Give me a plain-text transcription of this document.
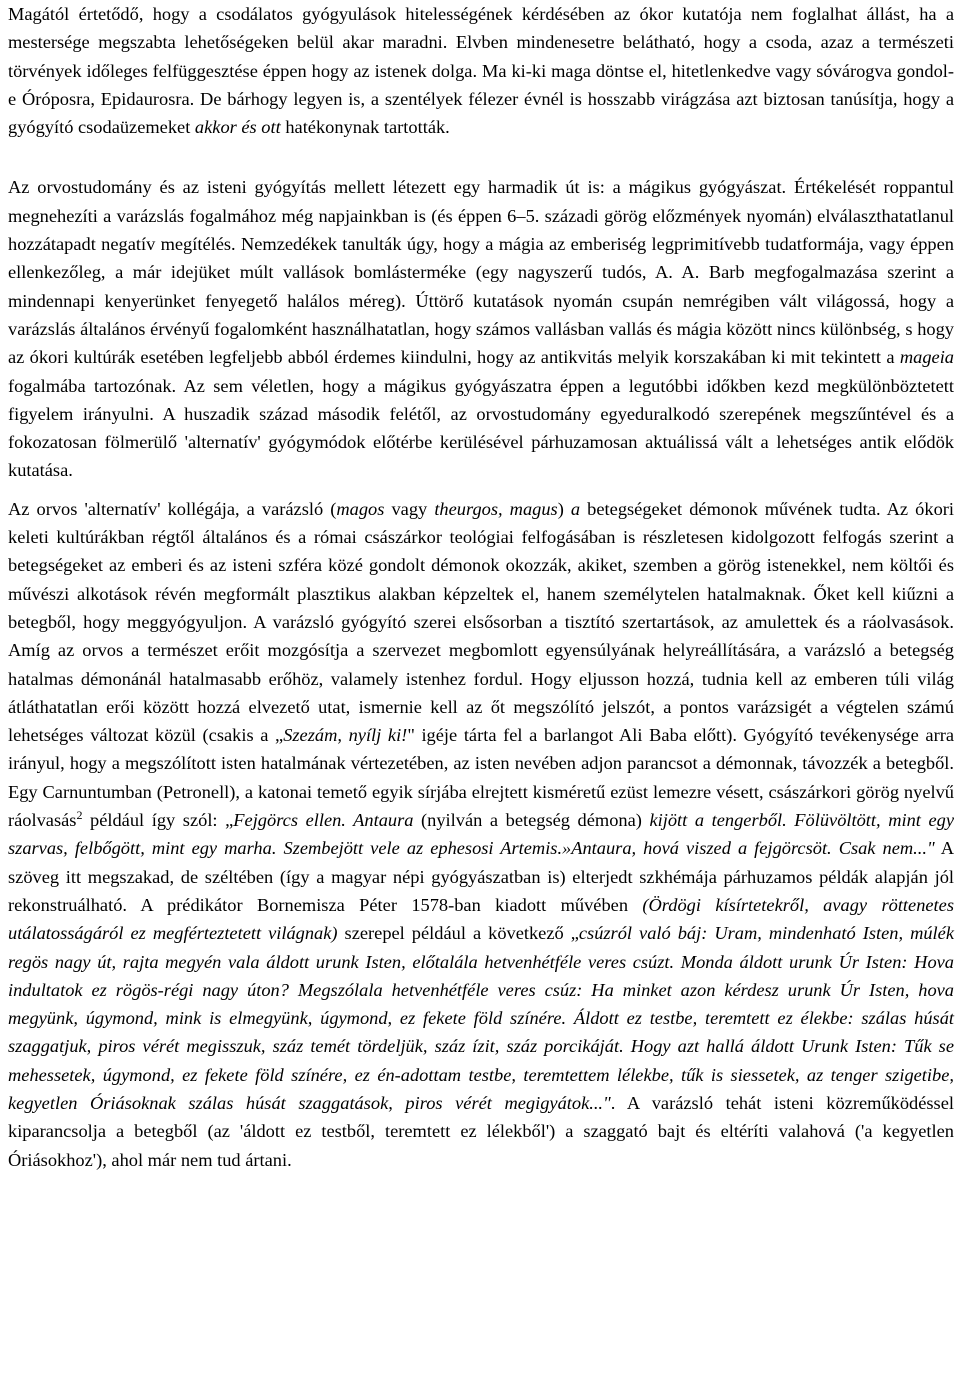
Magától értetődő, hogy a csodálatos gyógyulások hitelességének kérdésében az ókor kutatója nem foglalhat állást, ha a mestersége megszabta lehetőségeken belül akar maradni. Elvben mindenesetre belátható, hogy a csoda, azaz a természeti törvények időleges felfüggesztése éppen hogy az istenek dolga. Ma ki-ki maga döntse el, hitetlenkedve vagy sóvárogva gondol-e Óróposra, Epidaurosra. De bárhogy legyen is, a szentélyek félezer évnél is hosszabb virágzása azt biztosan tanúsítja, hogy a gyógyító csodaüzemeket akkor és ott hatékonynak tartották.

Az orvostudomány és az isteni gyógyítás mellett létezett egy harmadik út is: a mágikus gyógyászat. Értékelését roppantul megnehezíti a varázslás fogalmához még napjainkban is (és éppen 6–5. századi görög előzmények nyomán) elválaszthatatlanul hozzátapadt negatív megítélés. Nemzedékek tanulták úgy, hogy a mágia az emberiség legprimitívebb tudatformája, vagy éppen ellenkezőleg, a már idejüket múlt vallások bomlásterméke (egy nagyszerű tudós, A. A. Barb megfogalmazása szerint a mindennapi kenyerünket fenyegető halálos méreg). Úttörő kutatások nyomán csupán nemrégiben vált világossá, hogy a varázslás általános érvényű fogalomként használhatatlan, hogy számos vallásban vallás és mágia között nincs különbség, s hogy az ókori kultúrák esetében legfeljebb abból érdemes kiindulni, hogy az antikvitás melyik korszakában ki mit tekintett a mageia fogalmába tartozónak. Az sem véletlen, hogy a mágikus gyógyászatra éppen a legutóbbi időkben kezd megkülönböztetett figyelem irányulni. A huszadik század második felétől, az orvostudomány egyeduralkodó szerepének megszűntével és a fokozatosan fölmerülő 'alternatív' gyógymódok előtérbe kerülésével párhuzamosan aktuálissá vált a lehetséges antik elődök kutatása.

Az orvos 'alternatív' kollégája, a varázsló (magos vagy theurgos, magus) a betegségeket démonok művének tudta. Az ókori keleti kultúrákban régtől általános és a római császárkor teológiai felfogásában is részletesen kidolgozott felfogás szerint a betegségeket az emberi és az isteni szféra közé gondolt démonok okozzák, akiket, szemben a görög istenekkel, nem költői és művészi alkotások révén megformált plasztikus alakban képzeltek el, hanem személytelen hatalmaknak. Őket kell kiűzni a betegből, hogy meggyógyuljon. A varázsló gyógyító szerei elsősorban a tisztító szertartások, az amulettek és a ráolvasások. Amíg az orvos a természet erőit mozgósítja a szervezet megbomlott egyensúlyának helyreállítására, a varázsló a betegség hatalmas démonánál hatalmasabb erőhöz, valamely istenhez fordul. Hogy eljusson hozzá, tudnia kell az emberen túli világ átláthatatlan erői között hozzá elvezető utat, ismernie kell az őt megszólító jelszót, a pontos varázsigét a végtelen számú lehetséges változat közül (csakis a „Szezám, nyílj ki!" igéje tárta fel a barlangot Ali Baba előtt). Gyógyító tevékenysége arra irányul, hogy a megszólított isten hatalmának vértezetében, az isten nevében adjon parancsot a démonnak, távozzék a betegből. Egy Carnuntumban (Petronell), a katonai temető egyik sírjába elrejtett kisméretű ezüst lemezre vésett, császárkori görög nyelvű ráolvasás$^2$ például így szól: „Fejgörcs ellen. Antaura (nyilván a betegség démona) kijött a tengerből. Fölüvöltött, mint egy szarvas, felbőgött, mint egy marha. Szembejött vele az ephesosi Artemis.»Antaura, hová viszed a fejgörcsöt. Csak nem..." A szöveg itt megszakad, de széltében (így a magyar népi gyógyászatban is) elterjedt szkhémája párhuzamos példák alapján jól rekonstruálható. A prédikátor Bornemisza Péter 1578-ban kiadott művében (Ördögi kísírtetekről, avagy röttenetes utálatosságáról ez megférteztetett világnak) szerepel például a következő „csúzról való báj: Uram, mindenható Isten, múlék regös nagy út, rajta megyén vala áldott urunk Isten, előtalála hetvenhétféle veres csúzt. Monda áldott urunk Úr Isten: Hova indultatok ez rögös-régi nagy úton? Megszólala hetvenhétféle veres csúz: Ha minket azon kérdesz urunk Úr Isten, hova megyünk, úgymond, mink is elmegyünk, úgymond, ez fekete föld színére. Áldott ez testbe, teremtett ez élekbe: szálas húsát szaggatjuk, piros vérét megisszuk, száz temét tördeljük, száz ízit, száz porcikáját. Hogy azt hallá áldott Urunk Isten: Tűk se mehessetek, úgymond, ez fekete föld színére, ez én-adottam testbe, teremtettem lélekbe, tűk is siessetek, az tenger szigetibe, kegyetlen Óriásoknak szálas húsát szaggatások, piros vérét megigyátok...". A varázsló tehát isteni közreműködéssel kiparancsolja a betegből (az 'áldott ez testből, teremtett ez lélekből') a szaggató bajt és eltéríti valahová ('a kegyetlen Óriásokhoz'), ahol már nem tud ártani.
